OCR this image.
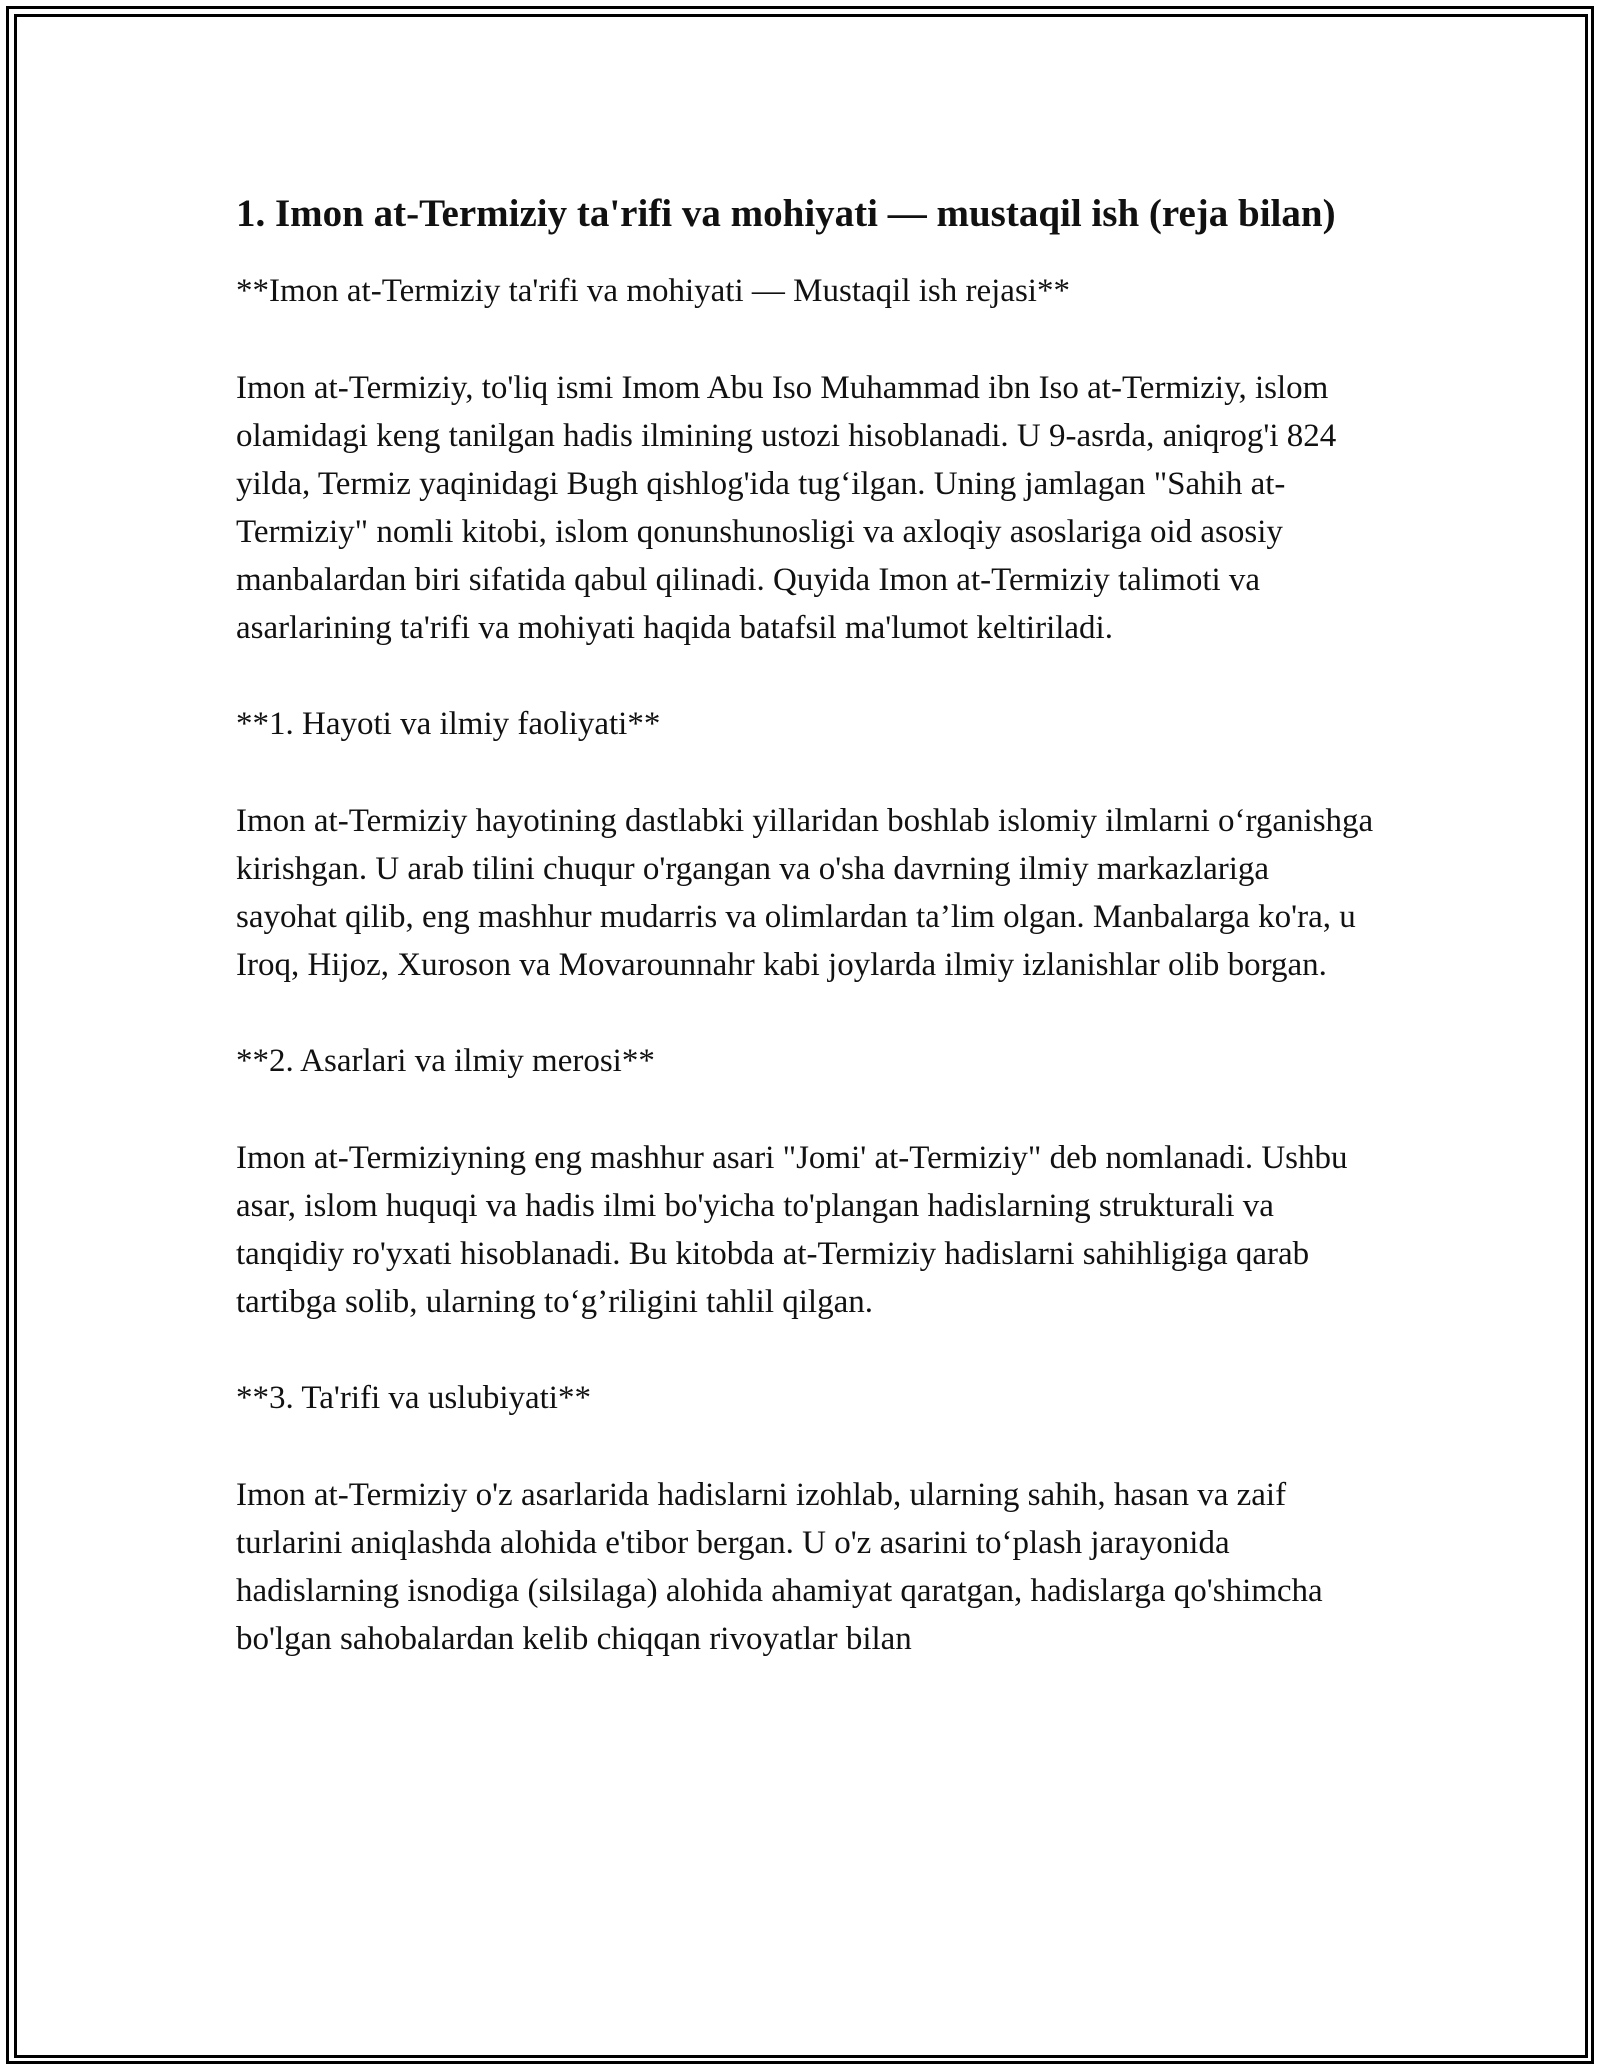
1. Imon at-Termiziy ta'rifi va mohiyati — mustaqil ish (reja bilan)

**Imon at-Termiziy ta'rifi va mohiyati — Mustaqil ish rejasi**

Imon at-Termiziy, to'liq ismi Imom Abu Iso Muhammad ibn Iso at-Termiziy, islom olamidagi keng tanilgan hadis ilmining ustozi hisoblanadi. U 9-asrda, aniqrog'i 824 yilda, Termiz yaqinidagi Bugh qishlog'ida tug‘ilgan. Uning jamlagan "Sahih at-Termiziy" nomli kitobi, islom qonunshunosligi va axloqiy asoslariga oid asosiy manbalardan biri sifatida qabul qilinadi. Quyida Imon at-Termiziy talimoti va asarlarining ta'rifi va mohiyati haqida batafsil ma'lumot keltiriladi.

**1. Hayoti va ilmiy faoliyati**

Imon at-Termiziy hayotining dastlabki yillaridan boshlab islomiy ilmlarni o‘rganishga kirishgan. U arab tilini chuqur o'rgangan va o'sha davrning ilmiy markazlariga sayohat qilib, eng mashhur mudarris va olimlardan ta’lim olgan. Manbalarga ko'ra, u Iroq, Hijoz, Xuroson va Movarounnahr kabi joylarda ilmiy izlanishlar olib borgan.

**2. Asarlari va ilmiy merosi**

Imon at-Termiziyning eng mashhur asari "Jomi' at-Termiziy" deb nomlanadi. Ushbu asar, islom huquqi va hadis ilmi bo'yicha to'plangan hadislarning strukturali va tanqidiy ro'yxati hisoblanadi. Bu kitobda at-Termiziy hadislarni sahihligiga qarab tartibga solib, ularning to‘g’riligini tahlil qilgan.

**3. Ta'rifi va uslubiyati**

Imon at-Termiziy o'z asarlarida hadislarni izohlab, ularning sahih, hasan va zaif turlarini aniqlashda alohida e'tibor bergan. U o'z asarini to‘plash jarayonida hadislarning isnodiga (silsilaga) alohida ahamiyat qaratgan, hadislarga qo'shimcha bo'lgan sahobalardan kelib chiqqan rivoyatlar bilan
